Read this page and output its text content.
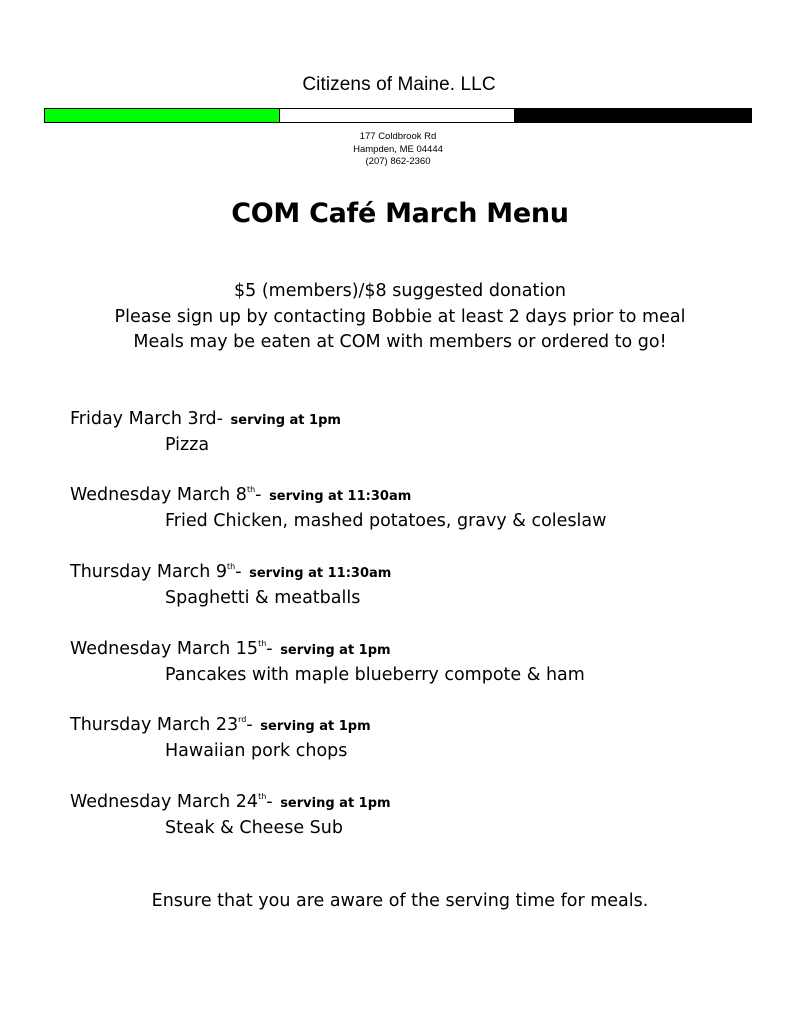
Citizens of Maine. LLC
177 Coldbrook Rd
Hampden, ME 04444
(207) 862-2360
COM Café March Menu
$5 (members)/$8 suggested donation
Please sign up by contacting Bobbie at least 2 days prior to meal
Meals may be eaten at COM with members or ordered to go!
Friday March 3rd- serving at 1pm
Pizza
Wednesday March 8th- serving at 11:30am
Fried Chicken, mashed potatoes, gravy & coleslaw
Thursday March 9th- serving at 11:30am
Spaghetti & meatballs
Wednesday March 15th- serving at 1pm
Pancakes with maple blueberry compote & ham
Thursday March 23rd- serving at 1pm
Hawaiian pork chops
Wednesday March 24th- serving at 1pm
Steak & Cheese Sub
Ensure that you are aware of the serving time for meals.
